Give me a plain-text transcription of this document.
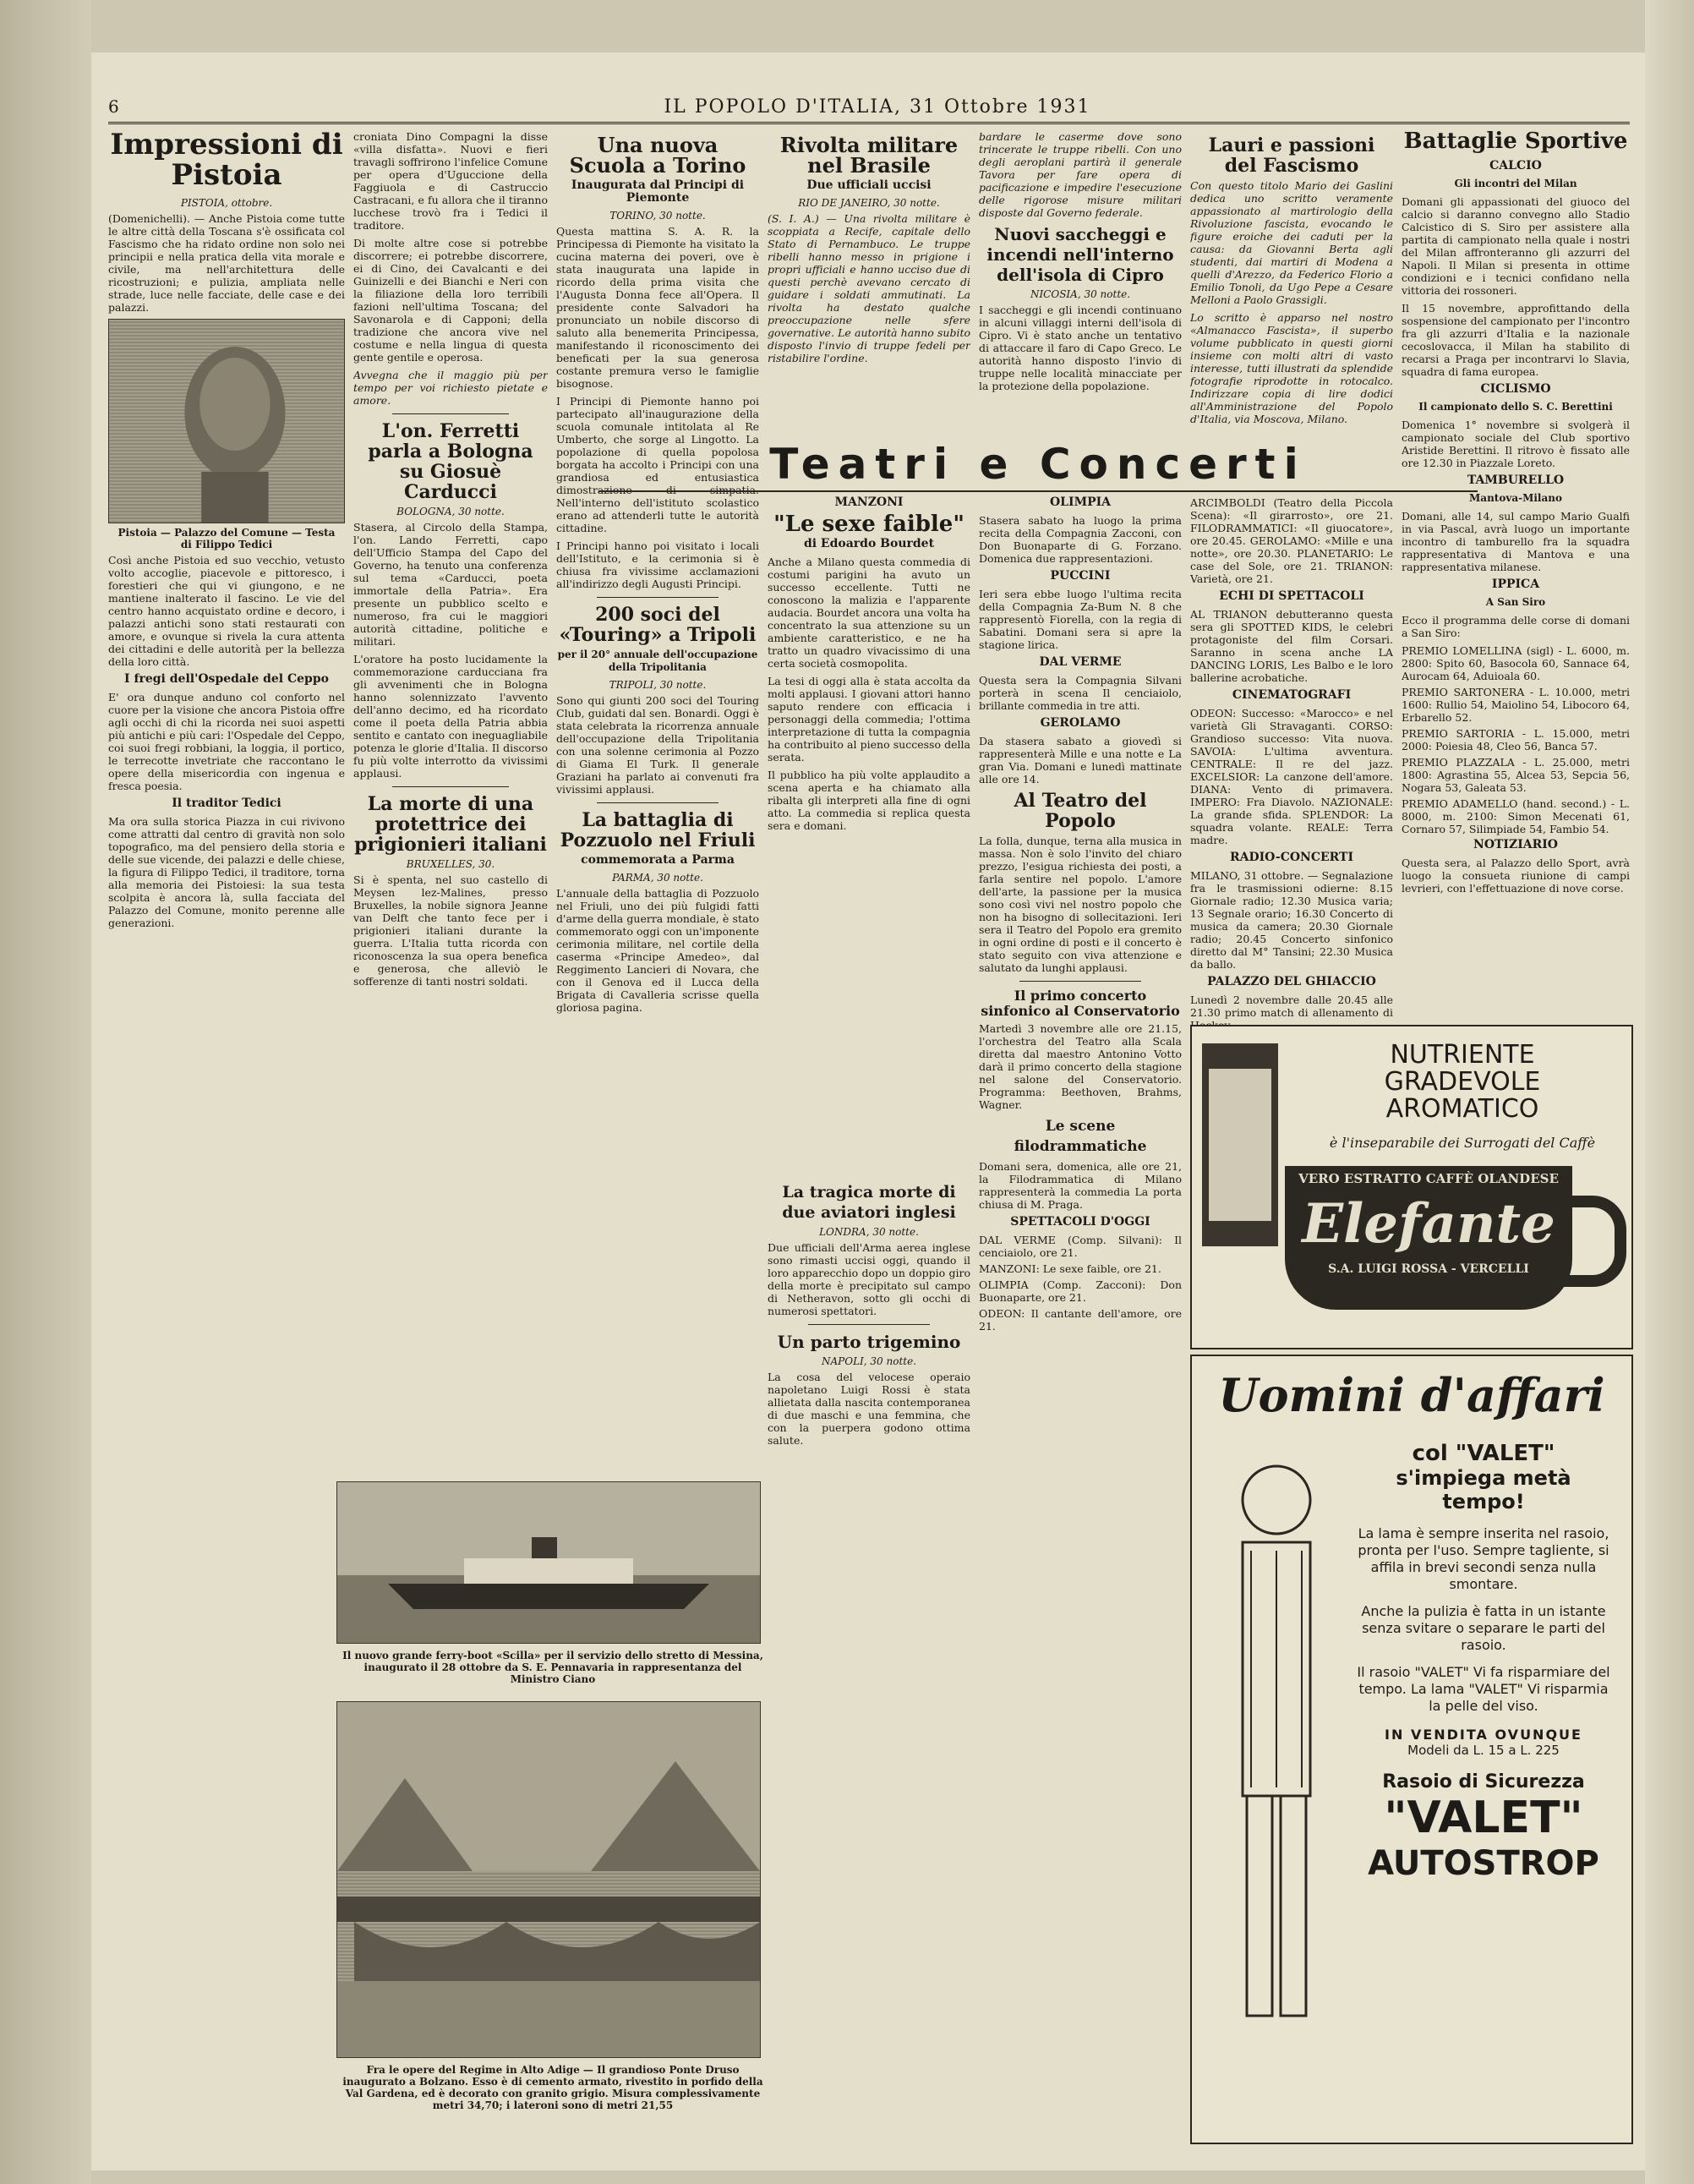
6	IL POPOLO D'ITALIA, 31 Ottobre 1931
Impressioni di Pistoia
PISTOIA, ottobre.

(Domenichelli). — Anche Pistoia come tutte le altre città della Toscana s'è ossificata col Fascismo che ha ridato ordine non solo nei principii e nella pratica della vita morale e civile, ma nell'architettura delle ricostruzioni; e pulizia, ampliata nelle strade, luce nelle facciate, delle case e dei palazzi.

Pistoia — Palazzo del Comune — Testa di Filippo Tedici

Così anche Pistoia ed suo vecchio, vetusto volto accoglie, piacevole e pittoresco, i forestieri che qui vi giungono, e ne mantiene inalterato il fascino. Le vie del centro hanno acquistato ordine e decoro, i palazzi antichi sono stati restaurati con amore, e ovunque si rivela la cura attenta dei cittadini e delle autorità per la bellezza della loro città.

I fregi dell'Ospedale del Ceppo

E' ora dunque anduno col conforto nel cuore per la visione che ancora Pistoia offre agli occhi di chi la ricorda nei suoi aspetti più antichi e più cari: l'Ospedale del Ceppo, coi suoi fregi robbiani, la loggia, il portico, le terrecotte invetriate che raccontano le opere della misericordia con ingenua e fresca poesia.

Il traditor Tedici

Ma ora sulla storica Piazza in cui rivivono come attratti dal centro di gravità non solo topografico, ma del pensiero della storia e delle sue vicende, dei palazzi e delle chiese, la figura di Filippo Tedici, il traditore, torna alla memoria dei Pistoiesi: la sua testa scolpita è ancora là, sulla facciata del Palazzo del Comune, monito perenne alle generazioni.

croniata Dino Compagni la disse «villa disfatta». Nuovi e fieri travagli soffrirono l'infelice Comune per opera d'Uguccione della Faggiuola e di Castruccio Castracani, e fu allora che il tiranno lucchese trovò fra i Tedici il traditore.

Di molte altre cose si potrebbe discorrere; ei potrebbe discorrere, ei di Cino, dei Cavalcanti e dei Guinizelli e dei Bianchi e Neri con la filiazione della loro terribili fazioni nell'ultima Toscana; del Savonarola e di Capponi; della tradizione che ancora vive nel costume e nella lingua di questa gente gentile e operosa.

Avvegna che il maggio più per tempo per voi richiesto pietate e amore.

L'on. Ferretti parla a Bologna su Giosuè Carducci
BOLOGNA, 30 notte.

Stasera, al Circolo della Stampa, l'on. Lando Ferretti, capo dell'Ufficio Stampa del Capo del Governo, ha tenuto una conferenza sul tema «Carducci, poeta immortale della Patria». Era presente un pubblico scelto e numeroso, fra cui le maggiori autorità cittadine, politiche e militari.

L'oratore ha posto lucidamente la commemorazione carducciana fra gli avvenimenti che in Bologna hanno solennizzato l'avvento dell'anno decimo, ed ha ricordato come il poeta della Patria abbia sentito e cantato con ineguagliabile potenza le glorie d'Italia. Il discorso fu più volte interrotto da vivissimi applausi.

La morte di una protettrice dei prigionieri italiani
BRUXELLES, 30.

Si è spenta, nel suo castello di Meysen lez-Malines, presso Bruxelles, la nobile signora Jeanne van Delft che tanto fece per i prigionieri italiani durante la guerra. L'Italia tutta ricorda con riconoscenza la sua opera benefica e generosa, che alleviò le sofferenze di tanti nostri soldati.

Una nuova Scuola a Torino
Inaugurata dal Principi di Piemonte
TORINO, 30 notte.

Questa mattina S. A. R. la Principessa di Piemonte ha visitato la cucina materna dei poveri, ove è stata inaugurata una lapide in ricordo della prima visita che l'Augusta Donna fece all'Opera. Il presidente conte Salvadori ha pronunciato un nobile discorso di saluto alla benemerita Principessa, manifestando il riconoscimento dei beneficati per la sua generosa costante premura verso le famiglie bisognose.

I Principi di Piemonte hanno poi partecipato all'inaugurazione della scuola comunale intitolata al Re Umberto, che sorge al Lingotto. La popolazione di quella popolosa borgata ha accolto i Principi con una grandiosa ed entusiastica dimostrazione di simpatia. Nell'interno dell'istituto scolastico erano ad attenderli tutte le autorità cittadine.

I Principi hanno poi visitato i locali dell'Istituto, e la cerimonia si è chiusa fra vivissime acclamazioni all'indirizzo degli Augusti Principi.

200 soci del «Touring» a Tripoli
per il 20° annuale dell'occupazione della Tripolitania
TRIPOLI, 30 notte.

Sono qui giunti 200 soci del Touring Club, guidati dal sen. Bonardi. Oggi è stata celebrata la ricorrenza annuale dell'occupazione della Tripolitania con una solenne cerimonia al Pozzo di Giama El Turk. Il generale Graziani ha parlato ai convenuti fra vivissimi applausi.

La battaglia di Pozzuolo nel Friuli
commemorata a Parma
PARMA, 30 notte.

L'annuale della battaglia di Pozzuolo nel Friuli, uno dei più fulgidi fatti d'arme della guerra mondiale, è stato commemorato oggi con un'imponente cerimonia militare, nel cortile della caserma «Principe Amedeo», dal Reggimento Lancieri di Novara, che con il Genova ed il Lucca della Brigata di Cavalleria scrisse quella gloriosa pagina.

Rivolta militare nel Brasile
Due ufficiali uccisi
RIO DE JANEIRO, 30 notte.

(S. I. A.) — Una rivolta militare è scoppiata a Recife, capitale dello Stato di Pernambuco. Le truppe ribelli hanno messo in prigione i propri ufficiali e hanno ucciso due di questi perchè avevano cercato di guidare i soldati ammutinati. La rivolta ha destato qualche preoccupazione nelle sfere governative. Le autorità hanno subito disposto l'invio di truppe fedeli per ristabilire l'ordine.

La tragica morte di due aviatori inglesi
LONDRA, 30 notte.

Due ufficiali dell'Arma aerea inglese sono rimasti uccisi oggi, quando il loro apparecchio dopo un doppio giro della morte è precipitato sul campo di Netheravon, sotto gli occhi di numerosi spettatori.

Un parto trigemino
NAPOLI, 30 notte.

La cosa del velocese operaio napoletano Luigi Rossi è stata allietata dalla nascita contemporanea di due maschi e una femmina, che con la puerpera godono ottima salute.

Il nuovo grande ferry-boot «Scilla» per il servizio dello stretto di Messina, inaugurato il 28 ottobre da S. E. Pennavaria in rappresentanza del Ministro Ciano
Fra le opere del Regime in Alto Adige — Il grandioso Ponte Druso inaugurato a Bolzano. Esso è di cemento armato, rivestito in porfido della Val Gardena, ed è decorato con granito grigio. Misura complessivamente metri 34,70; i lateroni sono di metri 21,55

bardare le caserme dove sono trincerate le truppe ribelli. Con uno degli aeroplani partirà il generale Tavora per fare opera di pacificazione e impedire l'esecuzione delle rigorose misure militari disposte dal Governo federale.

Nuovi saccheggi e incendi nell'interno dell'isola di Cipro
NICOSIA, 30 notte.

I saccheggi e gli incendi continuano in alcuni villaggi interni dell'isola di Cipro. Vi è stato anche un tentativo di attaccare il faro di Capo Greco. Le autorità hanno disposto l'invio di truppe nelle località minacciate per la protezione della popolazione.

Lauri e passioni del Fascismo

Con questo titolo Mario dei Gaslini dedica uno scritto veramente appassionato al martirologio della Rivoluzione fascista, evocando le figure eroiche dei caduti per la causa: da Giovanni Berta agli studenti, dai martiri di Modena a quelli d'Arezzo, da Federico Florio a Emilio Tonoli, da Ugo Pepe a Cesare Melloni a Paolo Grassigli.

Lo scritto è apparso nel nostro «Almanacco Fascista», il superbo volume pubblicato in questi giorni insieme con molti altri di vasto interesse, tutti illustrati da splendide fotografie riprodotte in rotocalco. Indirizzare copia di lire dodici all'Amministrazione del Popolo d'Italia, via Moscova, Milano.

Battaglie Sportive
CALCIO
Gli incontri del Milan

Domani gli appassionati del giuoco del calcio si daranno convegno allo Stadio Calcistico di S. Siro per assistere alla partita di campionato nella quale i nostri del Milan affronteranno gli azzurri del Napoli. Il Milan si presenta in ottime condizioni e i tecnici confidano nella vittoria dei rossoneri.

Il 15 novembre, approfittando della sospensione del campionato per l'incontro fra gli azzurri d'Italia e la nazionale cecoslovacca, il Milan ha stabilito di recarsi a Praga per incontrarvi lo Slavia, squadra di fama europea.

CICLISMO
Il campionato dello S. C. Berettini

Domenica 1° novembre si svolgerà il campionato sociale del Club sportivo Aristide Berettini. Il ritrovo è fissato alle ore 12.30 in Piazzale Loreto.

TAMBURELLO
Mantova-Milano

Domani, alle 14, sul campo Mario Gualfi in via Pascal, avrà luogo un importante incontro di tamburello fra la squadra rappresentativa di Mantova e una rappresentativa milanese.

IPPICA
A San Siro

Ecco il programma delle corse di domani a San Siro:

PREMIO LOMELLINA (sigl) - L. 6000, m. 2800: Spito 60, Basocola 60, Sannace 64, Aurocam 64, Aduioala 60.
PREMIO SARTONERA - L. 10.000, metri 1600: Rullio 54, Maiolino 54, Libocoro 64, Erbarello 52.
PREMIO SARTORIA - L. 15.000, metri 2000: Poiesia 48, Cleo 56, Banca 57.
PREMIO PLAZZALA - L. 25.000, metri 1800: Agrastina 55, Alcea 53, Sepcia 56, Nogara 53, Galeata 53.
PREMIO ADAMELLO (hand. second.) - L. 8000, m. 2100: Simon Mecenati 61, Cornaro 57, Silimpiade 54, Fambio 54.
NOTIZIARIO

Questa sera, al Palazzo dello Sport, avrà luogo la consueta riunione di campi levrieri, con l'effettuazione di nove corse.

Teatri e Concerti
MANZONI
"Le sexe faible"
di Edoardo Bourdet

Anche a Milano questa commedia di costumi parigini ha avuto un successo eccellente. Tutti ne conoscono la malizia e l'apparente audacia. Bourdet ancora una volta ha concentrato la sua attenzione su un ambiente caratteristico, e ne ha tratto un quadro vivacissimo di una certa società cosmopolita.

La tesi di oggi alla è stata accolta da molti applausi. I giovani attori hanno saputo rendere con efficacia i personaggi della commedia; l'ottima interpretazione di tutta la compagnia ha contribuito al pieno successo della serata.

Il pubblico ha più volte applaudito a scena aperta e ha chiamato alla ribalta gli interpreti alla fine di ogni atto. La commedia si replica questa sera e domani.

OLIMPIA

Stasera sabato ha luogo la prima recita della Compagnia Zacconi, con Don Buonaparte di G. Forzano. Domenica due rappresentazioni.

PUCCINI

Ieri sera ebbe luogo l'ultima recita della Compagnia Za-Bum N. 8 che rappresentò Fiorella, con la regia di Sabatini. Domani sera si apre la stagione lirica.

DAL VERME

Questa sera la Compagnia Silvani porterà in scena Il cenciaiolo, brillante commedia in tre atti.

GEROLAMO

Da stasera sabato a giovedì si rappresenterà Mille e una notte e La gran Via. Domani e lunedì mattinate alle ore 14.

Al Teatro del Popolo

La folla, dunque, terna alla musica in massa. Non è solo l'invito del chiaro prezzo, l'esigua richiesta dei posti, a farla sentire nel popolo. L'amore dell'arte, la passione per la musica sono così vivi nel nostro popolo che non ha bisogno di sollecitazioni. Ieri sera il Teatro del Popolo era gremito in ogni ordine di posti e il concerto è stato seguito con viva attenzione e salutato da lunghi applausi.

Il primo concerto sinfonico al Conservatorio

Martedì 3 novembre alle ore 21.15, l'orchestra del Teatro alla Scala diretta dal maestro Antonino Votto darà il primo concerto della stagione nel salone del Conservatorio. Programma: Beethoven, Brahms, Wagner.

Le scene filodrammatiche

Domani sera, domenica, alle ore 21, la Filodrammatica di Milano rappresenterà la commedia La porta chiusa di M. Praga.

SPETTACOLI D'OGGI
DAL VERME (Comp. Silvani): Il cenciaiolo, ore 21.
MANZONI: Le sexe faible, ore 21.
OLIMPIA (Comp. Zacconi): Don Buonaparte, ore 21.
ODEON: Il cantante dell'amore, ore 21.

ARCIMBOLDI (Teatro della Piccola Scena): «Il girarrosto», ore 21. FILODRAMMATICI: «Il giuocatore», ore 20.45. GEROLAMO: «Mille e una notte», ore 20.30. PLANETARIO: Le case del Sole, ore 21. TRIANON: Varietà, ore 21.

ECHI DI SPETTACOLI

AL TRIANON debutteranno questa sera gli SPOTTED KIDS, le celebri protagoniste del film Corsari. Saranno in scena anche LA DANCING LORIS, Les Balbo e le loro ballerine acrobatiche.

CINEMATOGRAFI

ODEON: Successo: «Marocco» e nel varietà Gli Stravaganti. CORSO: Grandioso successo: Vita nuova. SAVOIA: L'ultima avventura. CENTRALE: Il re del jazz. EXCELSIOR: La canzone dell'amore. DIANA: Vento di primavera. IMPERO: Fra Diavolo. NAZIONALE: La grande sfida. SPLENDOR: La squadra volante. REALE: Terra madre.

RADIO-CONCERTI

MILANO, 31 ottobre. — Segnalazione fra le trasmissioni odierne: 8.15 Giornale radio; 12.30 Musica varia; 13 Segnale orario; 16.30 Concerto di musica da camera; 20.30 Giornale radio; 20.45 Concerto sinfonico diretto dal M° Tansini; 22.30 Musica da ballo.

PALAZZO DEL GHIACCIO

Lunedì 2 novembre dalle 20.45 alle 21.30 primo match di allenamento di

NUTRIENTE
GRADEVOLE
AROMATICO
è l'inseparabile dei Surrogati del Caffè
VERO ESTRATTO CAFFÈ OLANDESE
Elefante
S.A. LUIGI ROSSA - VERCELLI
Uomini d'affari
col "VALET"
s'impiega metà tempo!
La lama è sempre inserita nel rasoio, pronta per l'uso. Sempre tagliente, si affila in brevi secondi senza nulla smontare.
Anche la pulizia è fatta in un istante senza svitare o separare le parti del rasoio.
Il rasoio "VALET" Vi fa risparmiare del tempo. La lama "VALET" Vi risparmia la pelle del viso.
IN VENDITA OVUNQUE
Modeli da L. 15 a L. 225
Rasoio di Sicurezza
"VALET"
AUTOSTROP
